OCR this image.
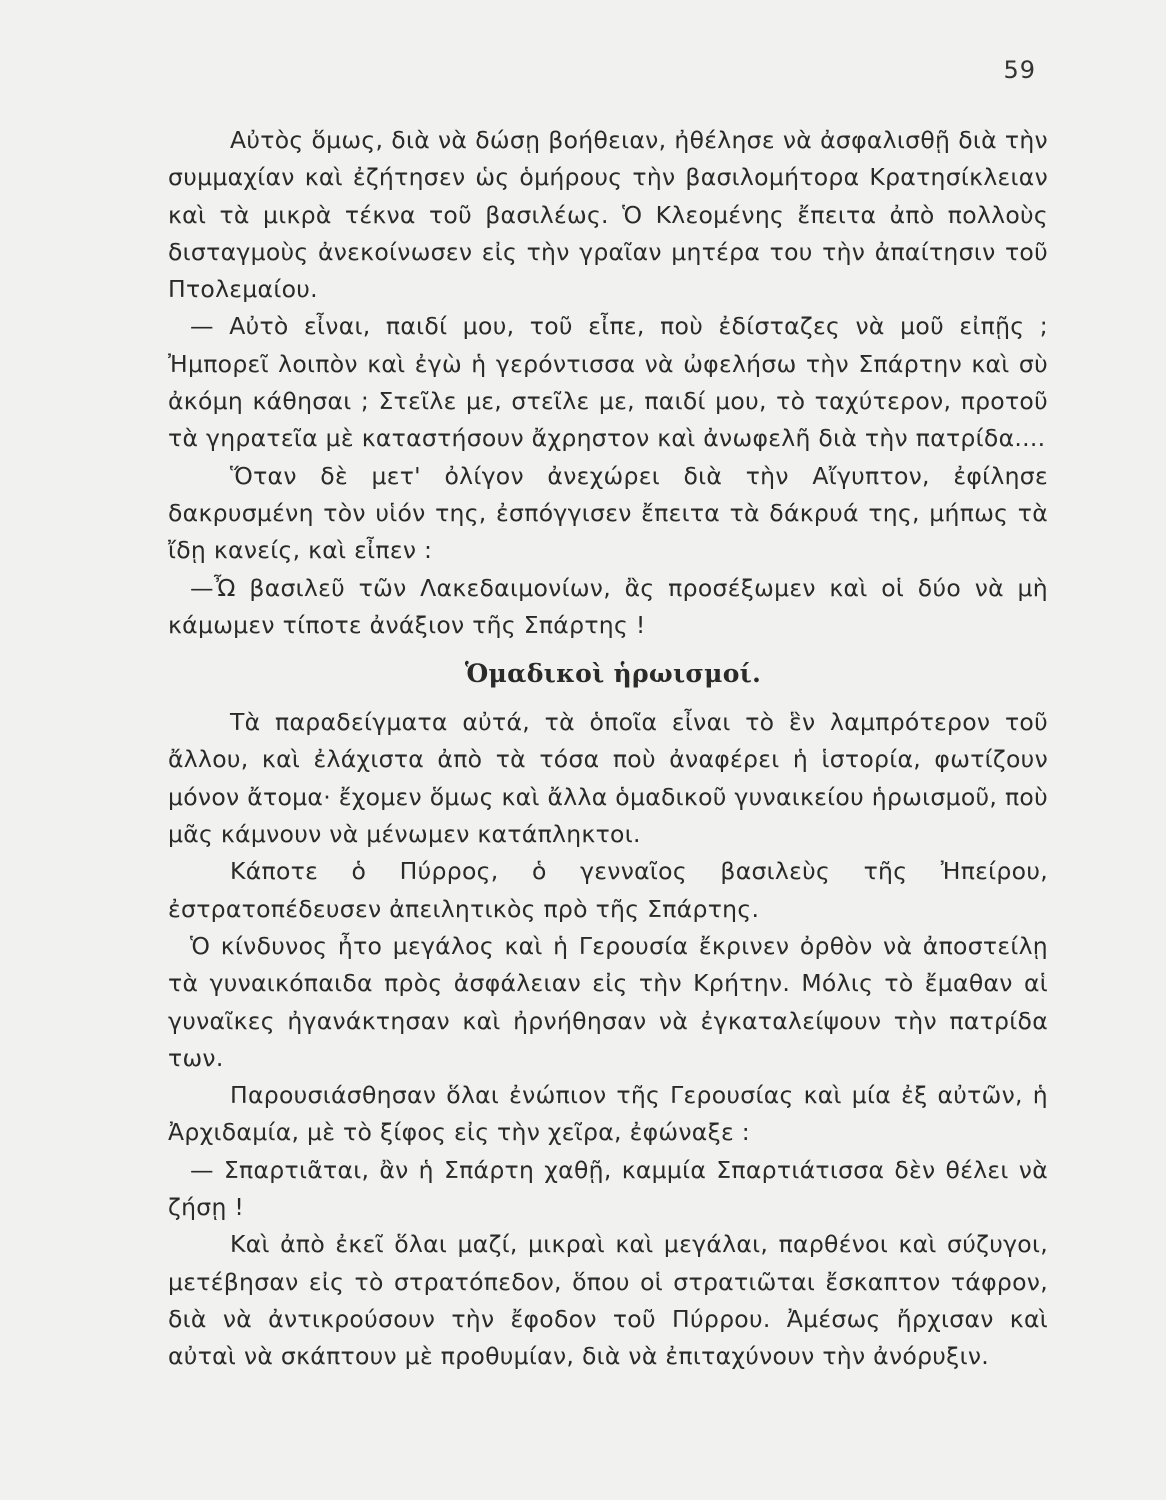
59

Αὐτὸς ὅμως, διὰ νὰ δώσῃ βοήθειαν, ἠθέλησε νὰ ἀσφαλισθῇ διὰ τὴν συμμαχίαν καὶ ἐζήτησεν ὡς ὁμήρους τὴν βασιλομήτορα Κρατησίκλειαν καὶ τὰ μικρὰ τέκνα τοῦ βασιλέως. Ὁ Κλεομένης ἔπειτα ἀπὸ πολλοὺς δισταγμοὺς ἀνεκοίνωσεν εἰς τὴν γραῖαν μητέρα του τὴν ἀπαίτησιν τοῦ Πτολεμαίου.

— Αὐτὸ εἶναι, παιδί μου, τοῦ εἶπε, ποὺ ἐδίσταζες νὰ μοῦ εἰπῇς ; Ἠμπορεῖ λοιπὸν καὶ ἐγὼ ἡ γερόντισσα νὰ ὠφελήσω τὴν Σπάρτην καὶ σὺ ἀκόμη κάθησαι ; Στεῖλε με, στεῖλε με, παιδί μου, τὸ ταχύτερον, προτοῦ τὰ γηρατεῖα μὲ καταστήσουν ἄχρηστον καὶ ἀνωφελῆ διὰ τὴν πατρίδα....

Ὅταν δὲ μετ' ὀλίγον ἀνεχώρει διὰ τὴν Αἴγυπτον, ἐφίλησε δακρυσμένη τὸν υἱόν της, ἐσπόγγισεν ἔπειτα τὰ δάκρυά της, μήπως τὰ ἴδῃ κανείς, καὶ εἶπεν :

—Ὦ βασιλεῦ τῶν Λακεδαιμονίων, ἂς προσέξωμεν καὶ οἱ δύο νὰ μὴ κάμωμεν τίποτε ἀνάξιον τῆς Σπάρτης !

Ὁμαδικοὶ ἡρωισμοί.

Τὰ παραδείγματα αὐτά, τὰ ὁποῖα εἶναι τὸ ἓν λαμπρότερον τοῦ ἄλλου, καὶ ἐλάχιστα ἀπὸ τὰ τόσα ποὺ ἀναφέρει ἡ ἱστορία, φωτίζουν μόνον ἄτομα· ἔχομεν ὅμως καὶ ἄλλα ὁμαδικοῦ γυναικείου ἡρωισμοῦ, ποὺ μᾶς κάμνουν νὰ μένωμεν κατάπληκτοι.

Κάποτε ὁ Πύρρος, ὁ γενναῖος βασιλεὺς τῆς Ἠπείρου, ἐστρατοπέδευσεν ἀπειλητικὸς πρὸ τῆς Σπάρτης.

Ὁ κίνδυνος ἦτο μεγάλος καὶ ἡ Γερουσία ἔκρινεν ὀρθὸν νὰ ἀποστείλῃ τὰ γυναικόπαιδα πρὸς ἀσφάλειαν εἰς τὴν Κρήτην. Μόλις τὸ ἔμαθαν αἱ γυναῖκες ἠγανάκτησαν καὶ ἠρνήθησαν νὰ ἐγκαταλείψουν τὴν πατρίδα των.

Παρουσιάσθησαν ὅλαι ἐνώπιον τῆς Γερουσίας καὶ μία ἐξ αὐτῶν, ἡ Ἀρχιδαμία, μὲ τὸ ξίφος εἰς τὴν χεῖρα, ἐφώναξε :

— Σπαρτιᾶται, ἂν ἡ Σπάρτη χαθῇ, καμμία Σπαρτιάτισσα δὲν θέλει νὰ ζήσῃ !

Καὶ ἀπὸ ἐκεῖ ὅλαι μαζί, μικραὶ καὶ μεγάλαι, παρθένοι καὶ σύζυγοι, μετέβησαν εἰς τὸ στρατόπεδον, ὅπου οἱ στρατιῶται ἔσκαπτον τάφρον, διὰ νὰ ἀντικρούσουν τὴν ἔφοδον τοῦ Πύρρου. Ἀμέσως ἤρχισαν καὶ αὐταὶ νὰ σκάπτουν μὲ προθυμίαν, διὰ νὰ ἐπιταχύνουν τὴν ἀνόρυξιν.
